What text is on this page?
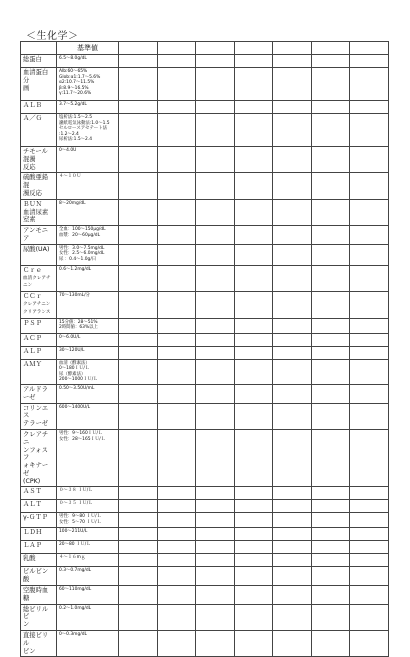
＜生化学＞
	基準値							

総蛋白	6.5〜8.0g/dL							

血清蛋白分
画	Alb:60〜65%
Glob:α1:1.7〜5.6%
α2:10.7〜11.5%
β:8.9〜16.5%
γ:11.7〜20.6%							

ＡＬＢ	3.7〜5.2g/dL							

Ａ／Ｇ	塩析法:1.5〜2.5
濾紙電気泳動法:1.0〜1.5
セルロースアセテート法
:1.2〜2.4
尿析法:1.5〜2.4							

チモール混濁
反応	0〜4.0U							

硫酸亜鉛混
濁反応	４〜１０Ｕ							

ＢＵＮ
血清尿素窒素	8〜20mg/dL							

アンモニア	全血：100〜150μg/dL
血漿：20〜60μg/dL							

尿酸(UA)	男性：3.0〜7.5mg/dL
女性：2.5〜6.0mg/dL
尿 ：0.4〜1.0g/日							

Ｃｒｅ
血清クレアチニン	0.6〜1.2mg/dL							

ＣＣｒ
クレアチニン
クリアランス	70〜130mL/分							

ＰＳＰ	15分値：28〜51%
2時間値：63%以上							

ＡＣＰ	0〜6.0U/L							

ＡＬＰ	30〜120U/L							

ＡＭＹ	血清（酵素法）
0〜180ＩＵ/Ｌ
尿（酵素法）
200〜1000ＩＵ/Ｌ							

アルドラーゼ	0.50〜3.50U/mL							

コリンエス
テラーゼ	600〜1400U/L							

クレアチニ
ンフォスフ
ォキナーゼ
(CPK)	男性：9〜160ＩＵ/Ｌ
女性：28〜165ＩＵ/Ｌ							

ＡＳＴ	０〜３８ ＩＵ/Ｌ							

ＡＬＴ	０〜３５ ＩＵ/Ｌ							

γ-ＧＴＰ	男性：9〜80 ＩＵ/Ｌ
女性：5〜70 ＩＵ/Ｌ							

ＬＤＨ	100〜211U/L							

ＬＡＰ	20〜80 ＩＵ/Ｌ							

乳酸	４〜１６mｇ							

ピルビン酸	0.3〜0.7mg/dL							

空腹時血糖	60〜110mg/dL							

総ビリルビ
ン	0.2〜1.0mg/dL							

直接ビリル
ビン	0〜0.3mg/dL							
